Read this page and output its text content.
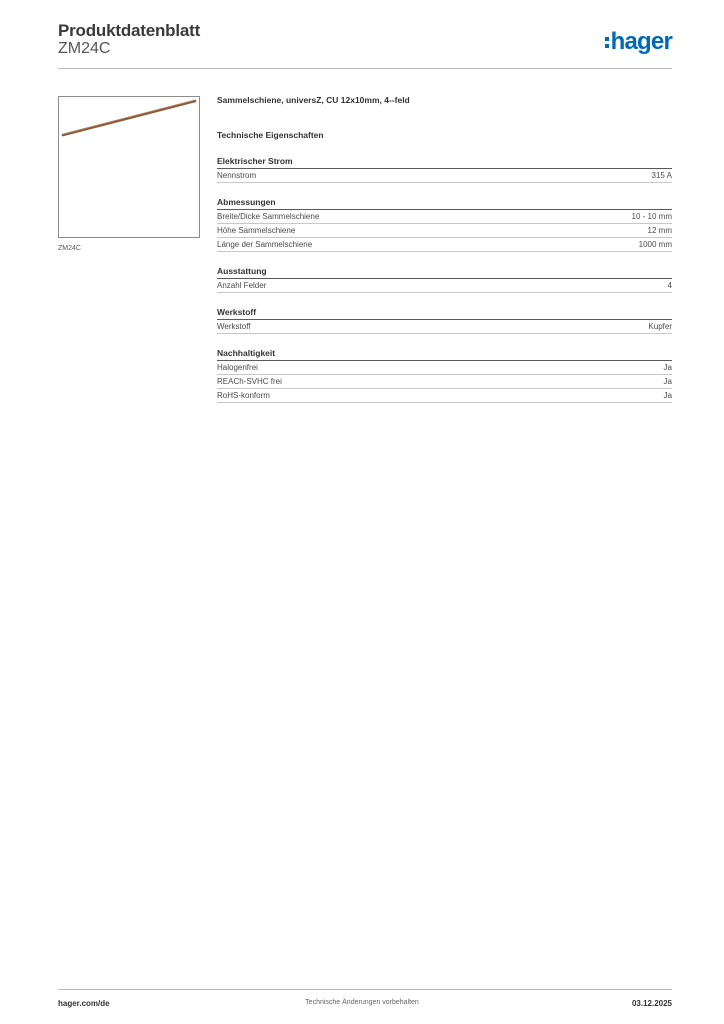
Produktdatenblatt
ZM24C	hager
ZM24C
Sammelschiene, universZ, CU 12x10mm, 4--feld
Technische Eigenschaften
Elektrischer Strom
Nennstrom	315 A
Abmessungen
Breite/Dicke Sammelschiene	10 - 10 mm
Höhe Sammelschiene	12 mm
Länge der Sammelschiene	1000 mm
Ausstattung
Anzahl Felder	4
Werkstoff
Werkstoff	Kupfer
Nachhaltigkeit
Halogenfrei	Ja
REACh-SVHC frei	Ja
RoHS-konform	Ja
Technische Änderungen vorbehalten
hager.com/de	03.12.2025
